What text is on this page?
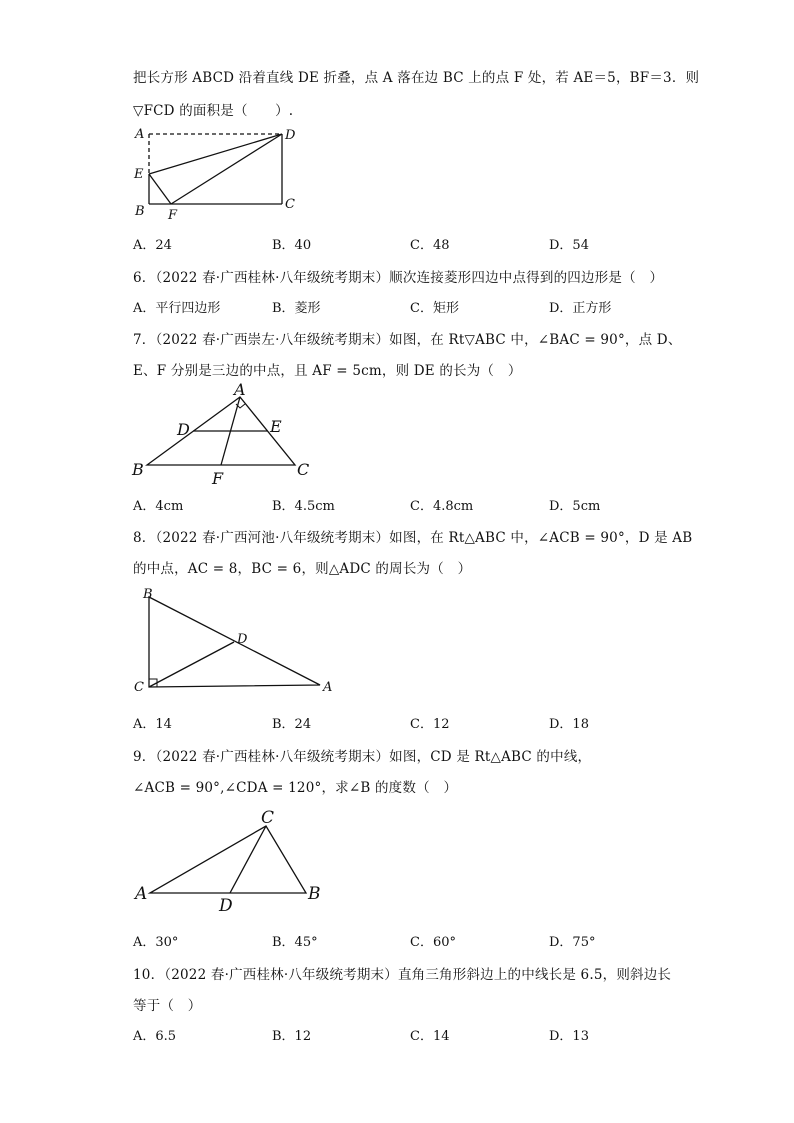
把长方形 ABCD 沿着直线 DE 折叠，点 A 落在边 BC 上的点 F 处，若 AE＝5，BF＝3．则
▽FCD 的面积是（　　）.
A	D
E
B F
C
A．24	B．40	C．48	D．54
6．（2022 春·广西桂林·八年级统考期末）顺次连接菱形四边中点得到的四边形是（　）
A．平行四边形	B．菱形	C．矩形	D．正方形
7．（2022 春·广西崇左·八年级统考期末）如图，在 Rt▽ABC 中，∠BAC = 90°，点 D、
E、F 分别是三边的中点，且 AF = 5cm，则 DE 的长为（　）
A
D	E
B	C
F
A．4cm	B．4.5cm	C．4.8cm	D．5cm
8．（2022 春·广西河池·八年级统考期末）如图，在 Rt△ABC 中，∠ACB = 90°，D 是 AB
的中点，AC = 8，BC = 6，则△ADC 的周长为（　）
B
D
C	A
A．14	B．24	C．12	D．18
9．（2022 春·广西桂林·八年级统考期末）如图，CD 是 Rt△ABC 的中线，
∠ACB = 90°,∠CDA = 120°，求∠B 的度数（　）
C
A
D
B
A．30°	B．45°	C．60°	D．75°
10．（2022 春·广西桂林·八年级统考期末）直角三角形斜边上的中线长是 6.5，则斜边长
等于（　）
A．6.5	B．12	C．14	D．13
